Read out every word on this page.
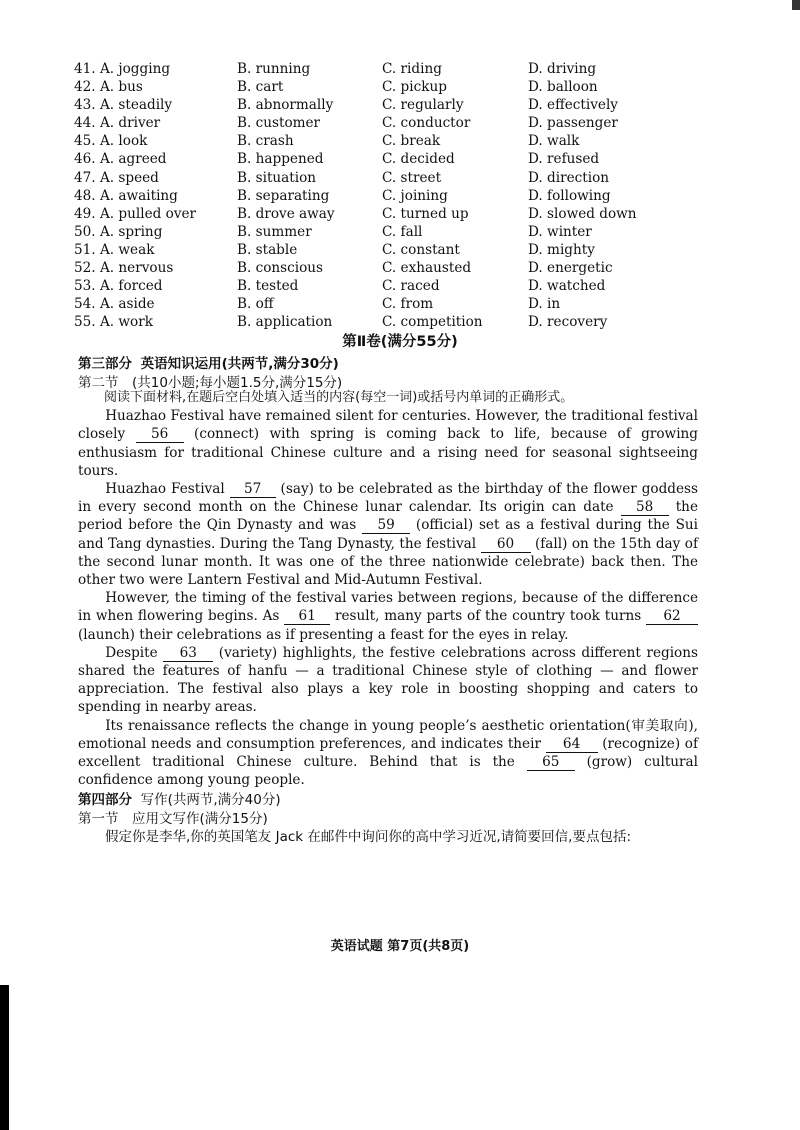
41. A. jogging	B. running	C. riding	D. driving
42. A. bus	B. cart	C. pickup	D. balloon
43. A. steadily	B. abnormally	C. regularly	D. effectively
44. A. driver	B. customer	C. conductor	D. passenger
45. A. look	B. crash	C. break	D. walk
46. A. agreed	B. happened	C. decided	D. refused
47. A. speed	B. situation	C. street	D. direction
48. A. awaiting	B. separating	C. joining	D. following
49. A. pulled over	B. drove away	C. turned up	D. slowed down
50. A. spring	B. summer	C. fall	D. winter
51. A. weak	B. stable	C. constant	D. mighty
52. A. nervous	B. conscious	C. exhausted	D. energetic
53. A. forced	B. tested	C. raced	D. watched
54. A. aside	B. off	C. from	D. in
55. A. work	B. application	C. competition	D. recovery
第Ⅱ卷(满分55分)
第三部分 英语知识运用(共两节,满分30分)
第二节　(共10小题;每小题1.5分,满分15分)

阅读下面材料,在题后空白处填入适当的内容(每空一词)或括号内单词的正确形式。

Huazhao Festival have remained silent for centuries. However, the traditional festival closely 56 (connect) with spring is coming back to life, because of growing enthusiasm for traditional Chinese culture and a rising need for seasonal sightseeing tours.

Huazhao Festival 57 (say) to be celebrated as the birthday of the flower goddess in every second month on the Chinese lunar calendar. Its origin can date 58 the period before the Qin Dynasty and was 59 (official) set as a festival during the Sui and Tang dynasties. During the Tang Dynasty, the festival 60 (fall) on the 15th day of the second lunar month. It was one of the three nationwide celebrate) back then. The other two were Lantern Festival and Mid-Autumn Festival.

However, the timing of the festival varies between regions, because of the difference in when flowering begins. As 61 result, many parts of the country took turns 62 (launch) their celebrations as if presenting a feast for the eyes in relay.

Despite 63 (variety) highlights, the festive celebrations across different regions shared the features of hanfu — a traditional Chinese style of clothing — and flower appreciation. The festival also plays a key role in boosting shopping and caters to spending in nearby areas.

Its renaissance reflects the change in young people’s aesthetic orientation(审美取向), emotional needs and consumption preferences, and indicates their 64 (recognize) of excellent traditional Chinese culture. Behind that is the 65 (grow) cultural confidence among young people.

第四部分 写作(共两节,满分40分)
第一节　应用文写作(满分15分)

假定你是李华,你的英国笔友 Jack 在邮件中询问你的高中学习近况,请简要回信,要点包括:

英语试题 第7页(共8页)
